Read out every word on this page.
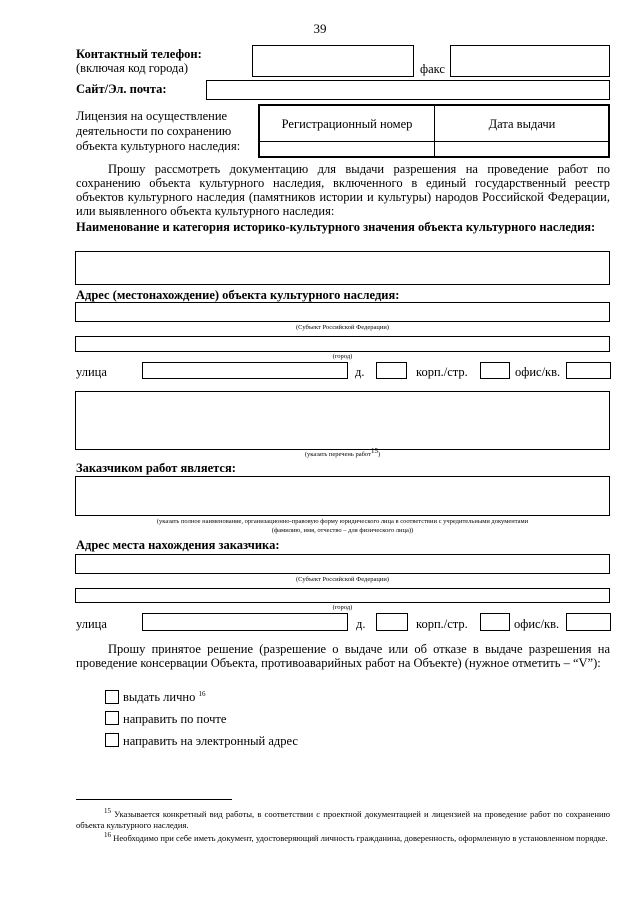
39
Контактный телефон:
(включая код города)	факс
Сайт/Эл. почта:
Лицензия на осуществление
деятельности по сохранению
объекта культурного наследия:
Регистрационный номер	Дата выдачи
Прошу рассмотреть документацию для выдачи разрешения на проведение работ по сохранению объекта культурного наследия, включенного в единый государственный реестр объектов культурного наследия (памятников истории и культуры) народов Российской Федерации, или выявленного объекта культурного наследия:
Наименование и категория историко-культурного значения объекта культурного наследия:
Адрес (местонахождение) объекта культурного наследия:
(Субъект Российской Федерации)
(город)
улица	д.	корп./стр.	офис/кв.
(указать перечень работ$^{15}$)
Заказчиком работ является:
(указать полное наименование, организационно-правовую форму юридического лица в соответствии с учредительными документами
(фамилию, имя, отчество – для физического лица))
Адрес места нахождения заказчика:
(Субъект Российской Федерации)
(город)
улица	д.	корп./стр.	офис/кв.
Прошу принятое решение (разрешение о выдаче или об отказе в выдаче разрешения на проведение консервации Объекта, противоаварийных работ на Объекте) (нужное отметить – “V”):
выдать лично $^{16}$
направить по почте
направить на электронный адрес
$^{15}$ Указывается конкретный вид работы, в соответствии с проектной документацией и лицензией на проведение работ по сохранению объекта культурного наследия.
$^{16}$ Необходимо при себе иметь документ, удостоверяющий личность гражданина, доверенность, оформленную в установленном порядке.
